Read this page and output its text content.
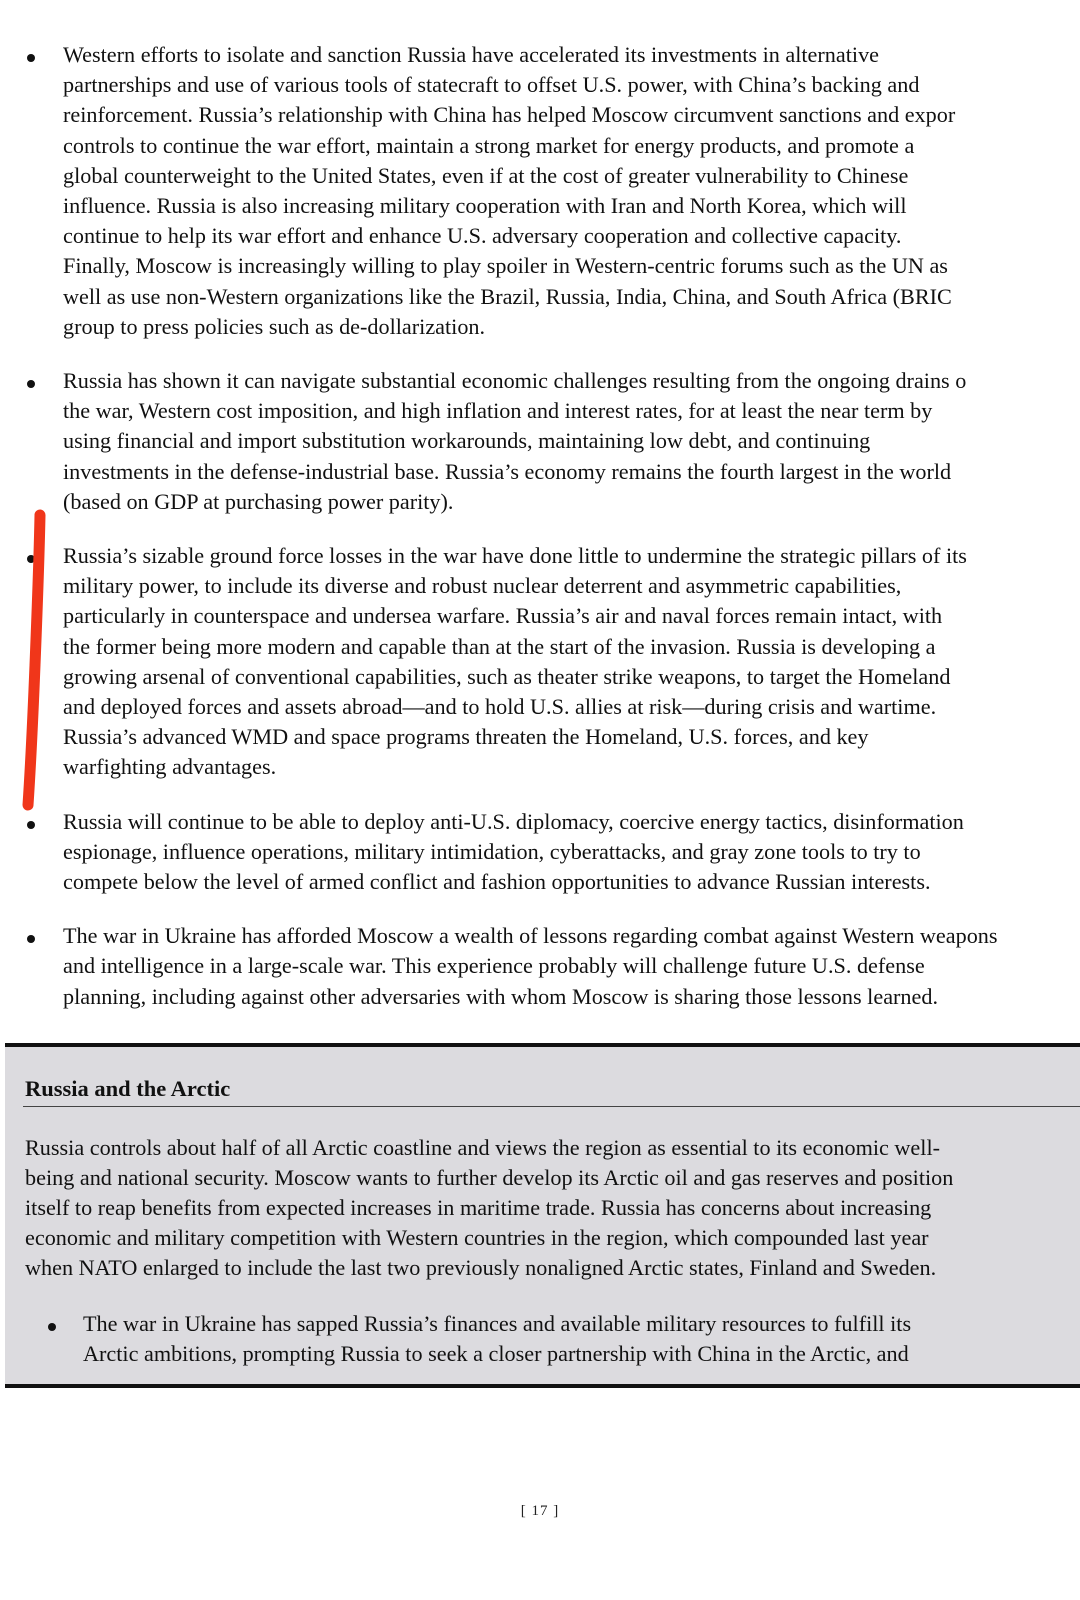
Western efforts to isolate and sanction Russia have accelerated its investments in alternative
partnerships and use of various tools of statecraft to offset U.S. power, with China’s backing and
reinforcement. Russia’s relationship with China has helped Moscow circumvent sanctions and expor
controls to continue the war effort, maintain a strong market for energy products, and promote a
global counterweight to the United States, even if at the cost of greater vulnerability to Chinese
influence. Russia is also increasing military cooperation with Iran and North Korea, which will
continue to help its war effort and enhance U.S. adversary cooperation and collective capacity.
Finally, Moscow is increasingly willing to play spoiler in Western-centric forums such as the UN as
well as use non-Western organizations like the Brazil, Russia, India, China, and South Africa (BRIC
group to press policies such as de-dollarization.
Russia has shown it can navigate substantial economic challenges resulting from the ongoing drains o
the war, Western cost imposition, and high inflation and interest rates, for at least the near term by
using financial and import substitution workarounds, maintaining low debt, and continuing
investments in the defense-industrial base. Russia’s economy remains the fourth largest in the world
(based on GDP at purchasing power parity).
Russia’s sizable ground force losses in the war have done little to undermine the strategic pillars of its
military power, to include its diverse and robust nuclear deterrent and asymmetric capabilities,
particularly in counterspace and undersea warfare. Russia’s air and naval forces remain intact, with
the former being more modern and capable than at the start of the invasion. Russia is developing a
growing arsenal of conventional capabilities, such as theater strike weapons, to target the Homeland
and deployed forces and assets abroad—and to hold U.S. allies at risk—during crisis and wartime.
Russia’s advanced WMD and space programs threaten the Homeland, U.S. forces, and key
warfighting advantages.
Russia will continue to be able to deploy anti-U.S. diplomacy, coercive energy tactics, disinformation
espionage, influence operations, military intimidation, cyberattacks, and gray zone tools to try to
compete below the level of armed conflict and fashion opportunities to advance Russian interests.
The war in Ukraine has afforded Moscow a wealth of lessons regarding combat against Western weapons
and intelligence in a large-scale war. This experience probably will challenge future U.S. defense
planning, including against other adversaries with whom Moscow is sharing those lessons learned.
Russia and the Arctic
Russia controls about half of all Arctic coastline and views the region as essential to its economic well-
being and national security. Moscow wants to further develop its Arctic oil and gas reserves and position
itself to reap benefits from expected increases in maritime trade. Russia has concerns about increasing
economic and military competition with Western countries in the region, which compounded last year
when NATO enlarged to include the last two previously nonaligned Arctic states, Finland and Sweden.
The war in Ukraine has sapped Russia’s finances and available military resources to fulfill its
Arctic ambitions, prompting Russia to seek a closer partnership with China in the Arctic, and
[ 17 ]
